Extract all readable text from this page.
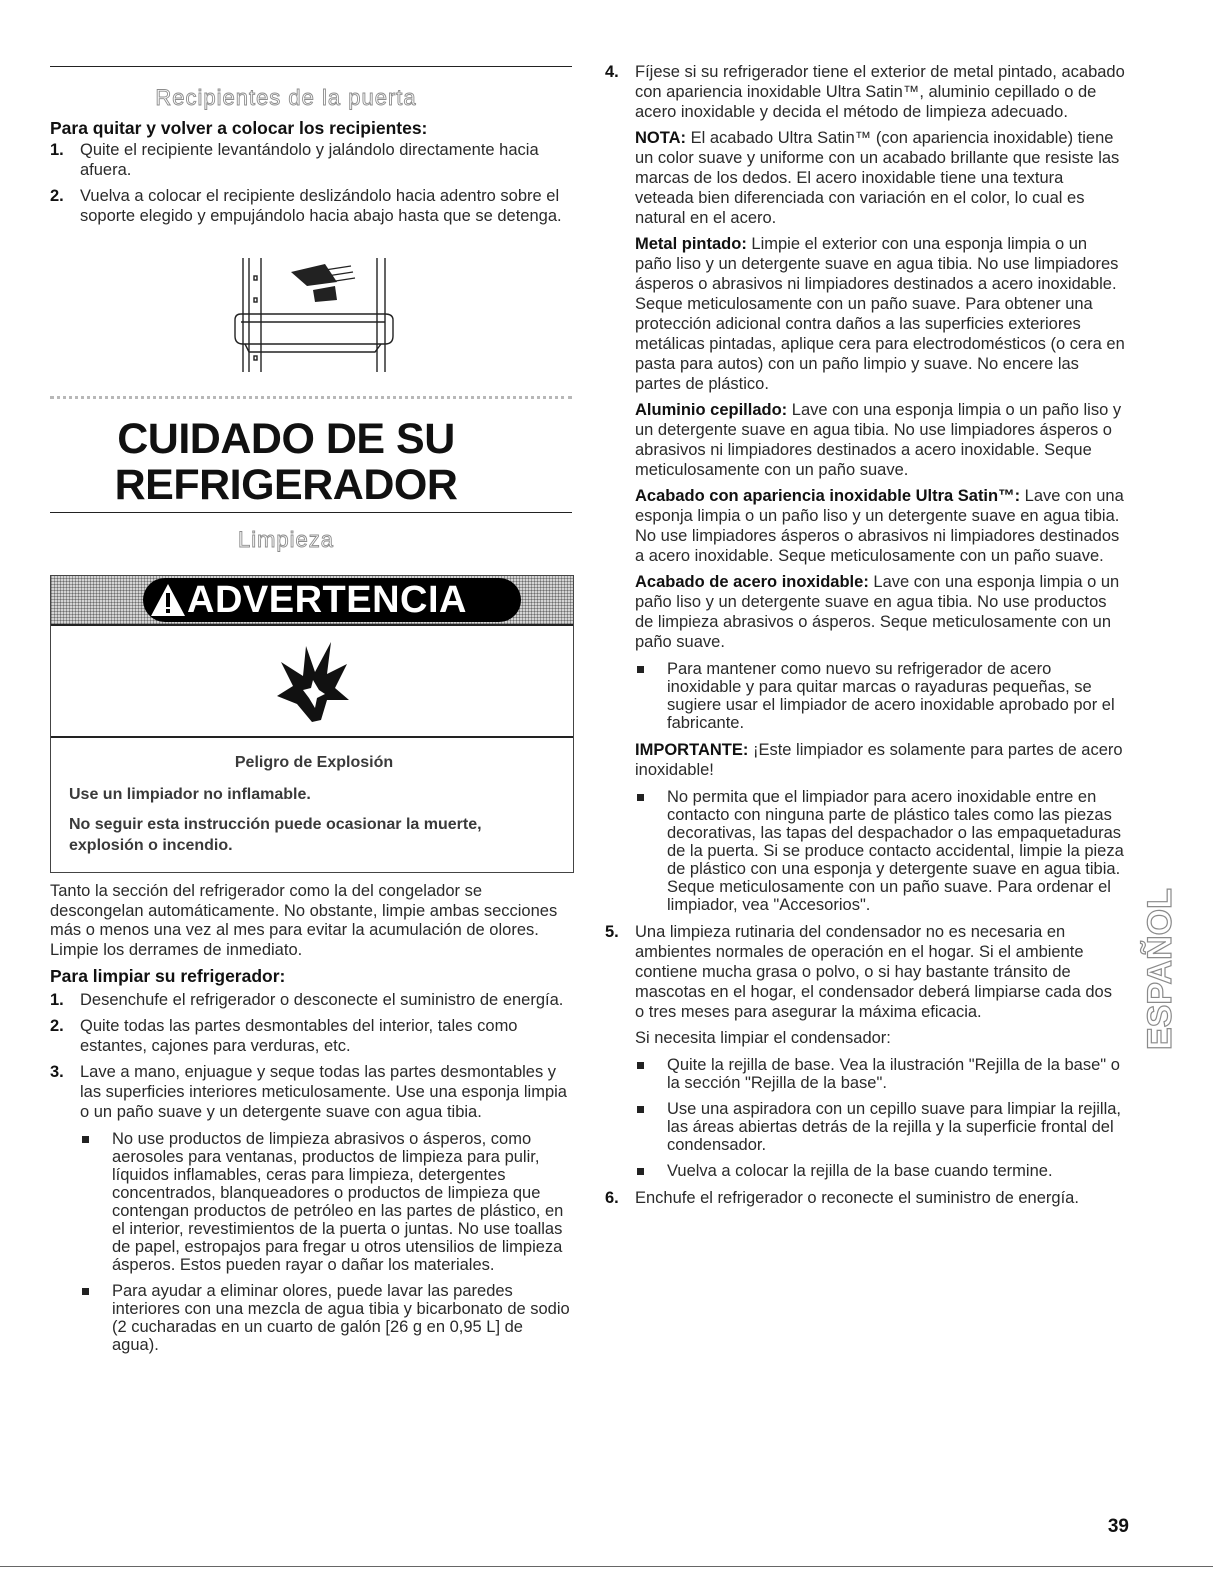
Recipientes de la puerta
Para quitar y volver a colocar los recipientes:
1. Quite el recipiente levantándolo y jalándolo directamente hacia afuera.
2. Vuelva a colocar el recipiente deslizándolo hacia adentro sobre el soporte elegido y empujándolo hacia abajo hasta que se detenga.
CUIDADO DE SU
REFRIGERADOR
Limpieza
ADVERTENCIA
Peligro de Explosión
Use un limpiador no inflamable.
No seguir esta instrucción puede ocasionar la muerte, explosión o incendio.

Tanto la sección del refrigerador como la del congelador se descongelan automáticamente. No obstante, limpie ambas secciones más o menos una vez al mes para evitar la acumulación de olores. Limpie los derrames de inmediato.

Para limpiar su refrigerador:
1. Desenchufe el refrigerador o desconecte el suministro de energía.
2. Quite todas las partes desmontables del interior, tales como estantes, cajones para verduras, etc.
3. Lave a mano, enjuague y seque todas las partes desmontables y las superficies interiores meticulosamente. Use una esponja limpia o un paño suave y un detergente suave con agua tibia.
No use productos de limpieza abrasivos o ásperos, como aerosoles para ventanas, productos de limpieza para pulir, líquidos inflamables, ceras para limpieza, detergentes concentrados, blanqueadores o productos de limpieza que contengan productos de petróleo en las partes de plástico, en el interior, revestimientos de la puerta o juntas. No use toallas de papel, estropajos para fregar u otros utensilios de limpieza ásperos. Estos pueden rayar o dañar los materiales.
Para ayudar a eliminar olores, puede lavar las paredes interiores con una mezcla de agua tibia y bicarbonato de sodio (2 cucharadas en un cuarto de galón [26 g en 0,95 L] de agua).
4. Fíjese si su refrigerador tiene el exterior de metal pintado, acabado con apariencia inoxidable Ultra Satin™, aluminio cepillado o de acero inoxidable y decida el método de limpieza adecuado.

NOTA: El acabado Ultra Satin™ (con apariencia inoxidable) tiene un color suave y uniforme con un acabado brillante que resiste las marcas de los dedos. El acero inoxidable tiene una textura veteada bien diferenciada con variación en el color, lo cual es natural en el acero.

Metal pintado: Limpie el exterior con una esponja limpia o un paño liso y un detergente suave en agua tibia. No use limpiadores ásperos o abrasivos ni limpiadores destinados a acero inoxidable. Seque meticulosamente con un paño suave. Para obtener una protección adicional contra daños a las superficies exteriores metálicas pintadas, aplique cera para electrodomésticos (o cera en pasta para autos) con un paño limpio y suave. No encere las partes de plástico.

Aluminio cepillado: Lave con una esponja limpia o un paño liso y un detergente suave en agua tibia. No use limpiadores ásperos o abrasivos ni limpiadores destinados a acero inoxidable. Seque meticulosamente con un paño suave.

Acabado con apariencia inoxidable Ultra Satin™: Lave con una esponja limpia o un paño liso y un detergente suave en agua tibia. No use limpiadores ásperos o abrasivos ni limpiadores destinados a acero inoxidable. Seque meticulosamente con un paño suave.

Acabado de acero inoxidable: Lave con una esponja limpia o un paño liso y un detergente suave en agua tibia. No use productos de limpieza abrasivos o ásperos. Seque meticulosamente con un paño suave.

Para mantener como nuevo su refrigerador de acero inoxidable y para quitar marcas o rayaduras pequeñas, se sugiere usar el limpiador de acero inoxidable aprobado por el fabricante.

IMPORTANTE: ¡Este limpiador es solamente para partes de acero inoxidable!

No permita que el limpiador para acero inoxidable entre en contacto con ninguna parte de plástico tales como las piezas decorativas, las tapas del despachador o las empaquetaduras de la puerta. Si se produce contacto accidental, limpie la pieza de plástico con una esponja y detergente suave en agua tibia. Seque meticulosamente con un paño suave. Para ordenar el limpiador, vea "Accesorios".
5. Una limpieza rutinaria del condensador no es necesaria en ambientes normales de operación en el hogar. Si el ambiente contiene mucha grasa o polvo, o si hay bastante tránsito de mascotas en el hogar, el condensador deberá limpiarse cada dos o tres meses para asegurar la máxima eficacia.

Si necesita limpiar el condensador:

Quite la rejilla de base. Vea la ilustración "Rejilla de la base" o la sección "Rejilla de la base".
Use una aspiradora con un cepillo suave para limpiar la rejilla, las áreas abiertas detrás de la rejilla y la superficie frontal del condensador.
Vuelva a colocar la rejilla de la base cuando termine.
6. Enchufe el refrigerador o reconecte el suministro de energía.
ESPAÑOL
39
